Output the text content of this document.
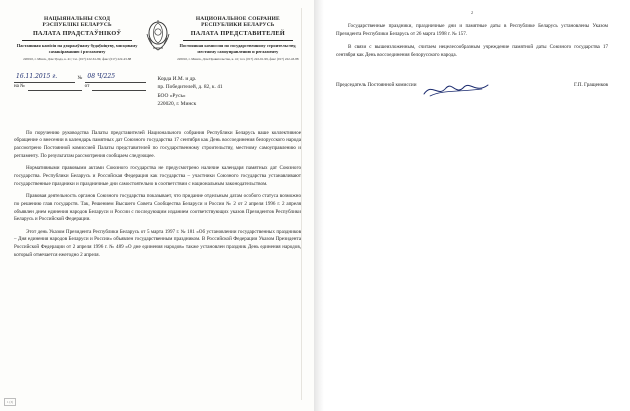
НАЦЫЯНАЛЬНЫ СХОД
РЭСПУБЛІКІ БЕЛАРУСЬ
ПАЛАТА ПРАДСТАЎНІКОЎ
Пастаянная камісія па дзяржаўнаму будаўніцтву, мясцоваму самакіраванню і рэгламенту
220010, г. Мінск, Дом Урада, к. 41; тэл. (017) 222-61-99, факс (017) 222-43-88
НАЦИОНАЛЬНОЕ СОБРАНИЕ
РЕСПУБЛИКИ БЕЛАРУСЬ
ПАЛАТА ПРЕДСТАВИТЕЛЕЙ
Постоянная комиссия по государственному строительству, местному самоуправлению и регламенту
220010, г. Минск, Дом Правительства, к. 41; тел. (017) 222-61-99, факс (017) 222-43-88
16.11.2015 г.	№ 08 Ч/225
на №	от
Корда И.М. и др.
пр. Победителей, д. 82, к. 41
БОО «Русь»
220020, г. Минск

По поручению руководства Палаты представителей Национального собрания Республики Беларусь ваше коллективное обращение о внесении в календарь памятных дат Союзного государства 17 сентября как День воссоединения белорусского народа рассмотрено Постоянной комиссией Палаты представителей по государственному строительству, местному самоуправлению и регламенту. По результатам рассмотрения сообщаем следующее.

Нормативными правовыми актами Союзного государства не предусмотрено наличие календаря памятных дат Союзного государства. Республики Беларусь и Российская Федерация как государства – участники Союзного государства устанавливают государственные праздники и праздничные дни самостоятельно в соответствии с национальным законодательством.

Правовая деятельность органов Союзного государства показывает, что придание отдельным датам особого статуса возможно по решению глав государств. Так, Решением Высшего Совета Сообщества Беларуси и России № 2 от 2 апреля 1996 г. 2 апреля объявлен днем единения народов Беларуси и России с последующим изданием соответствующих указов Президентов Республики Беларусь и Российской Федерации.

Этот день Указом Президента Республики Беларусь от 5 марта 1997 г. № 181 «Об установлении государственных праздников – Дня единения народов Беларуси и России» объявлен государственным праздником. В Российской Федерации Указом Президента Российской Федерации от 2 апреля 1996 г. № 489 «О дне единения народов» также установлен праздник День единения народов, который отмечается ежегодно 2 апреля.

1 (3)
2

Государственные праздники, праздничные дни и памятные даты в Республике Беларусь установлены Указом Президента Республики Беларусь от 26 марта 1998 г. № 157.

В связи с вышеизложенным, считаем нецелесообразным учреждение памятной даты Союзного государства 17 сентября как День воссоединения белорусского народа.

Председатель Постоянной комиссии	Г.П. Гращенков
